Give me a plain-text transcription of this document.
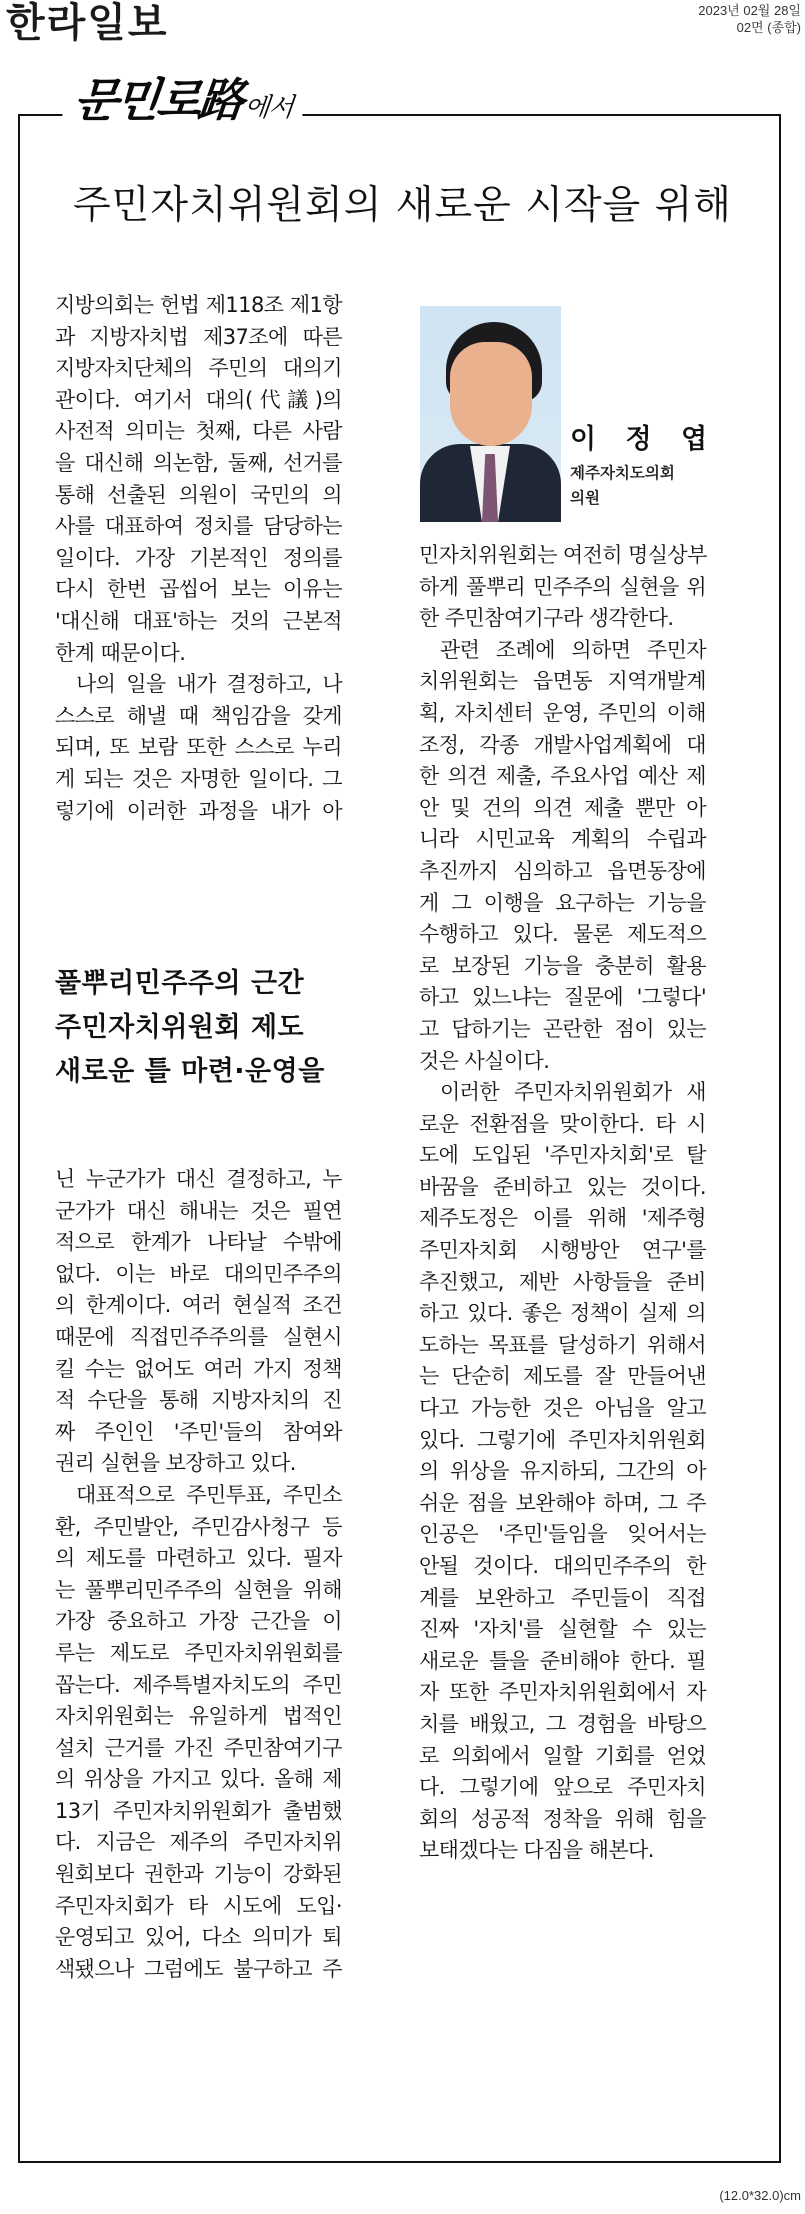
한라일보	2023년 02월 28일
02면 (종합)
문민로路에서
주민자치위원회의 새로운 시작을 위해
지방의회는 헌법 제118조 제1항
과 지방자치법 제37조에 따른
지방자치단체의 주민의 대의기
관이다. 여기서 대의(代議)의
사전적 의미는 첫째, 다른 사람
을 대신해 의논함, 둘째, 선거를
통해 선출된 의원이 국민의 의
사를 대표하여 정치를 담당하는
일이다. 가장 기본적인 정의를
다시 한번 곱씹어 보는 이유는
'대신해 대표'하는 것의 근본적
한계 때문이다.
나의 일을 내가 결정하고, 나
스스로 해낼 때 책임감을 갖게
되며, 또 보람 또한 스스로 누리
게 되는 것은 자명한 일이다. 그
렇기에 이러한 과정을 내가 아
풀뿌리민주주의 근간
주민자치위원회 제도
새로운 틀 마련·운영을
닌 누군가가 대신 결정하고, 누
군가가 대신 해내는 것은 필연
적으로 한계가 나타날 수밖에
없다. 이는 바로 대의민주주의
의 한계이다. 여러 현실적 조건
때문에 직접민주주의를 실현시
킬 수는 없어도 여러 가지 정책
적 수단을 통해 지방자치의 진
짜 주인인 '주민'들의 참여와
권리 실현을 보장하고 있다.
대표적으로 주민투표, 주민소
환, 주민발안, 주민감사청구 등
의 제도를 마련하고 있다. 필자
는 풀뿌리민주주의 실현을 위해
가장 중요하고 가장 근간을 이
루는 제도로 주민자치위원회를
꼽는다. 제주특별자치도의 주민
자치위원회는 유일하게 법적인
설치 근거를 가진 주민참여기구
의 위상을 가지고 있다. 올해 제
13기 주민자치위원회가 출범했
다. 지금은 제주의 주민자치위
원회보다 권한과 기능이 강화된
주민자치회가 타 시도에 도입·
운영되고 있어, 다소 의미가 퇴
색됐으나 그럼에도 불구하고 주
이 정 엽
제주자치도의회
의원
민자치위원회는 여전히 명실상부
하게 풀뿌리 민주주의 실현을 위
한 주민참여기구라 생각한다.
관련 조례에 의하면 주민자
치위원회는 읍면동 지역개발계
획, 자치센터 운영, 주민의 이해
조정, 각종 개발사업계획에 대
한 의견 제출, 주요사업 예산 제
안 및 건의 의견 제출 뿐만 아
니라 시민교육 계획의 수립과
추진까지 심의하고 읍면동장에
게 그 이행을 요구하는 기능을
수행하고 있다. 물론 제도적으
로 보장된 기능을 충분히 활용
하고 있느냐는 질문에 '그렇다'
고 답하기는 곤란한 점이 있는
것은 사실이다.
이러한 주민자치위원회가 새
로운 전환점을 맞이한다. 타 시
도에 도입된 '주민자치회'로 탈
바꿈을 준비하고 있는 것이다.
제주도정은 이를 위해 '제주형
주민자치회 시행방안 연구'를
추진했고, 제반 사항들을 준비
하고 있다. 좋은 정책이 실제 의
도하는 목표를 달성하기 위해서
는 단순히 제도를 잘 만들어낸
다고 가능한 것은 아님을 알고
있다. 그렇기에 주민자치위원회
의 위상을 유지하되, 그간의 아
쉬운 점을 보완해야 하며, 그 주
인공은 '주민'들임을 잊어서는
안될 것이다. 대의민주주의 한
계를 보완하고 주민들이 직접
진짜 '자치'를 실현할 수 있는
새로운 틀을 준비해야 한다. 필
자 또한 주민자치위원회에서 자
치를 배웠고, 그 경험을 바탕으
로 의회에서 일할 기회를 얻었
다. 그렇기에 앞으로 주민자치
회의 성공적 정착을 위해 힘을
보태겠다는 다짐을 해본다.
(12.0*32.0)cm
